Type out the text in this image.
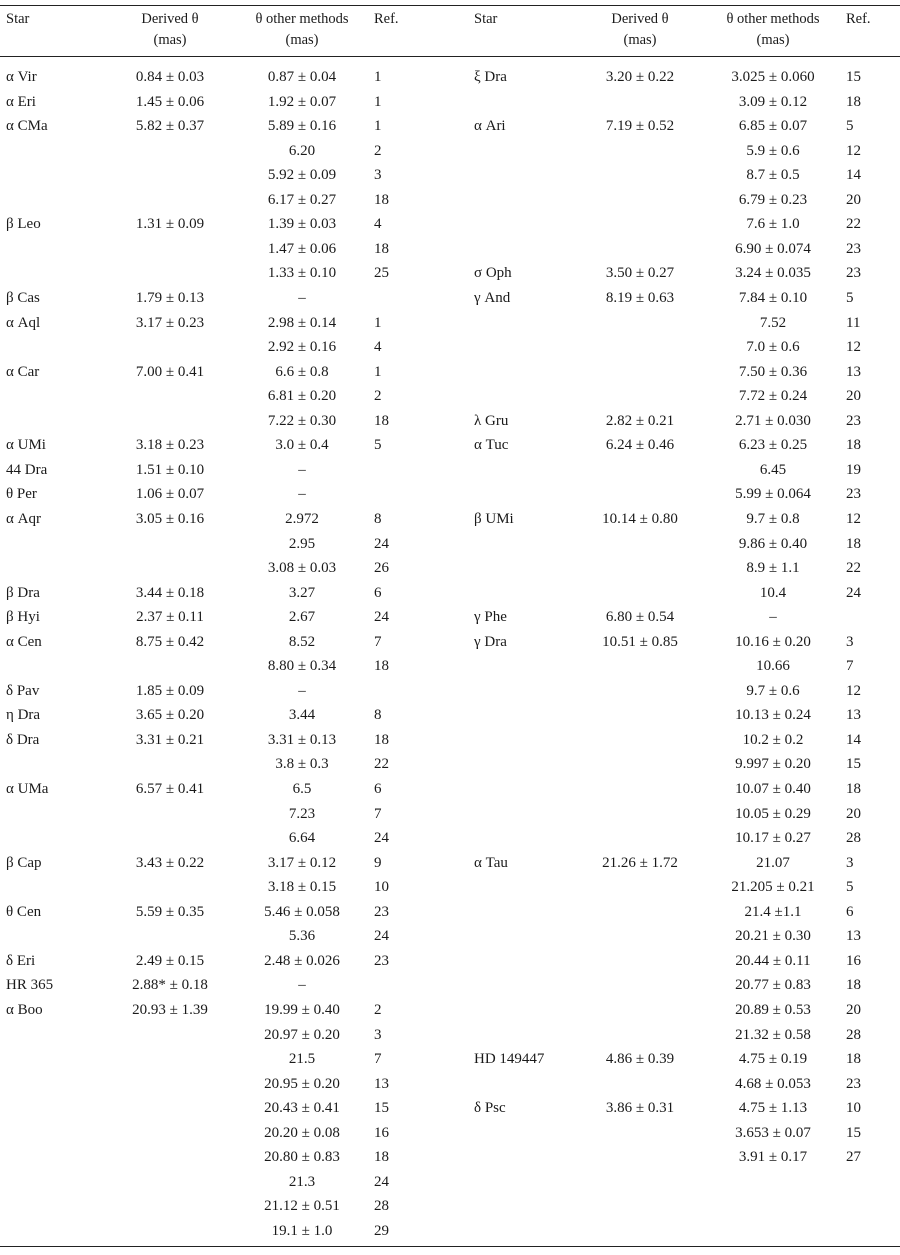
Star	Derived θ
(mas)
θ other methods
(mas)
Ref.	Star	Derived θ
(mas)
θ other methods
(mas)
Ref.
α Vir	0.84 ± 0.03	0.87 ± 0.04	1
α Eri	1.45 ± 0.06	1.92 ± 0.07	1
α CMa	5.82 ± 0.37	5.89 ± 0.16	1
6.20	2
5.92 ± 0.09	3
6.17 ± 0.27	18
β Leo	1.31 ± 0.09	1.39 ± 0.03	4
1.47 ± 0.06	18
1.33 ± 0.10	25
β Cas	1.79 ± 0.13	–
α Aql	3.17 ± 0.23	2.98 ± 0.14	1
2.92 ± 0.16	4
α Car	7.00 ± 0.41	6.6 ± 0.8	1
6.81 ± 0.20	2
7.22 ± 0.30	18
α UMi	3.18 ± 0.23	3.0 ± 0.4	5
44 Dra	1.51 ± 0.10	–
θ Per	1.06 ± 0.07	–
α Aqr	3.05 ± 0.16	2.972	8
2.95	24
3.08 ± 0.03	26
β Dra	3.44 ± 0.18	3.27	6
β Hyi	2.37 ± 0.11	2.67	24
α Cen	8.75 ± 0.42	8.52	7
8.80 ± 0.34	18
δ Pav	1.85 ± 0.09	–
η Dra	3.65 ± 0.20	3.44	8
δ Dra	3.31 ± 0.21	3.31 ± 0.13	18
3.8 ± 0.3	22
α UMa	6.57 ± 0.41	6.5	6
7.23	7
6.64	24
β Cap	3.43 ± 0.22	3.17 ± 0.12	9
3.18 ± 0.15	10
θ Cen	5.59 ± 0.35	5.46 ± 0.058 23
5.36	24
δ Eri	2.49 ± 0.15	2.48 ± 0.026 23
HR 365	2.88* ± 0.18	–
α Boo	20.93 ± 1.39	19.99 ± 0.40 2
20.97 ± 0.20 3
21.5	7
20.95 ± 0.20 13
20.43 ± 0.41 15
20.20 ± 0.08 16
20.80 ± 0.83 18
21.3	24
21.12 ± 0.51 28
19.1 ± 1.0	29
ξ Dra	3.20 ± 0.22	3.025 ± 0.060 15
3.09 ± 0.12	18
α Ari	7.19 ± 0.52	6.85 ± 0.07	5
5.9 ± 0.6	12
8.7 ± 0.5	14
6.79 ± 0.23	20
7.6 ± 1.0	22
6.90 ± 0.074 23
σ Oph	3.50 ± 0.27	3.24 ± 0.035 23
γ And	8.19 ± 0.63	7.84 ± 0.10	5
7.52	11
7.0 ± 0.6	12
7.50 ± 0.36	13
7.72 ± 0.24	20
λ Gru	2.82 ± 0.21	2.71 ± 0.030 23
α Tuc	6.24 ± 0.46	6.23 ± 0.25	18
6.45	19
5.99 ± 0.064 23
β UMi	10.14 ± 0.80	9.7 ± 0.8	12
9.86 ± 0.40	18
8.9 ± 1.1	22
10.4	24
γ Phe	6.80 ± 0.54	–
γ Dra	10.51 ± 0.85	10.16 ± 0.20 3
10.66	7
9.7 ± 0.6	12
10.13 ± 0.24 13
10.2 ± 0.2	14
9.997 ± 0.20 15
10.07 ± 0.40 18
10.05 ± 0.29 20
10.17 ± 0.27 28
α Tau	21.26 ± 1.72	21.07	3
21.205 ± 0.21 5
21.4 ±1.1	6
20.21 ± 0.30 13
20.44 ± 0.11 16
20.77 ± 0.83 18
20.89 ± 0.53 20
21.32 ± 0.58 28
HD 149447	4.86 ± 0.39	4.75 ± 0.19	18
4.68 ± 0.053 23
δ Psc	3.86 ± 0.31	4.75 ± 1.13	10
3.653 ± 0.07 15
3.91 ± 0.17	27
